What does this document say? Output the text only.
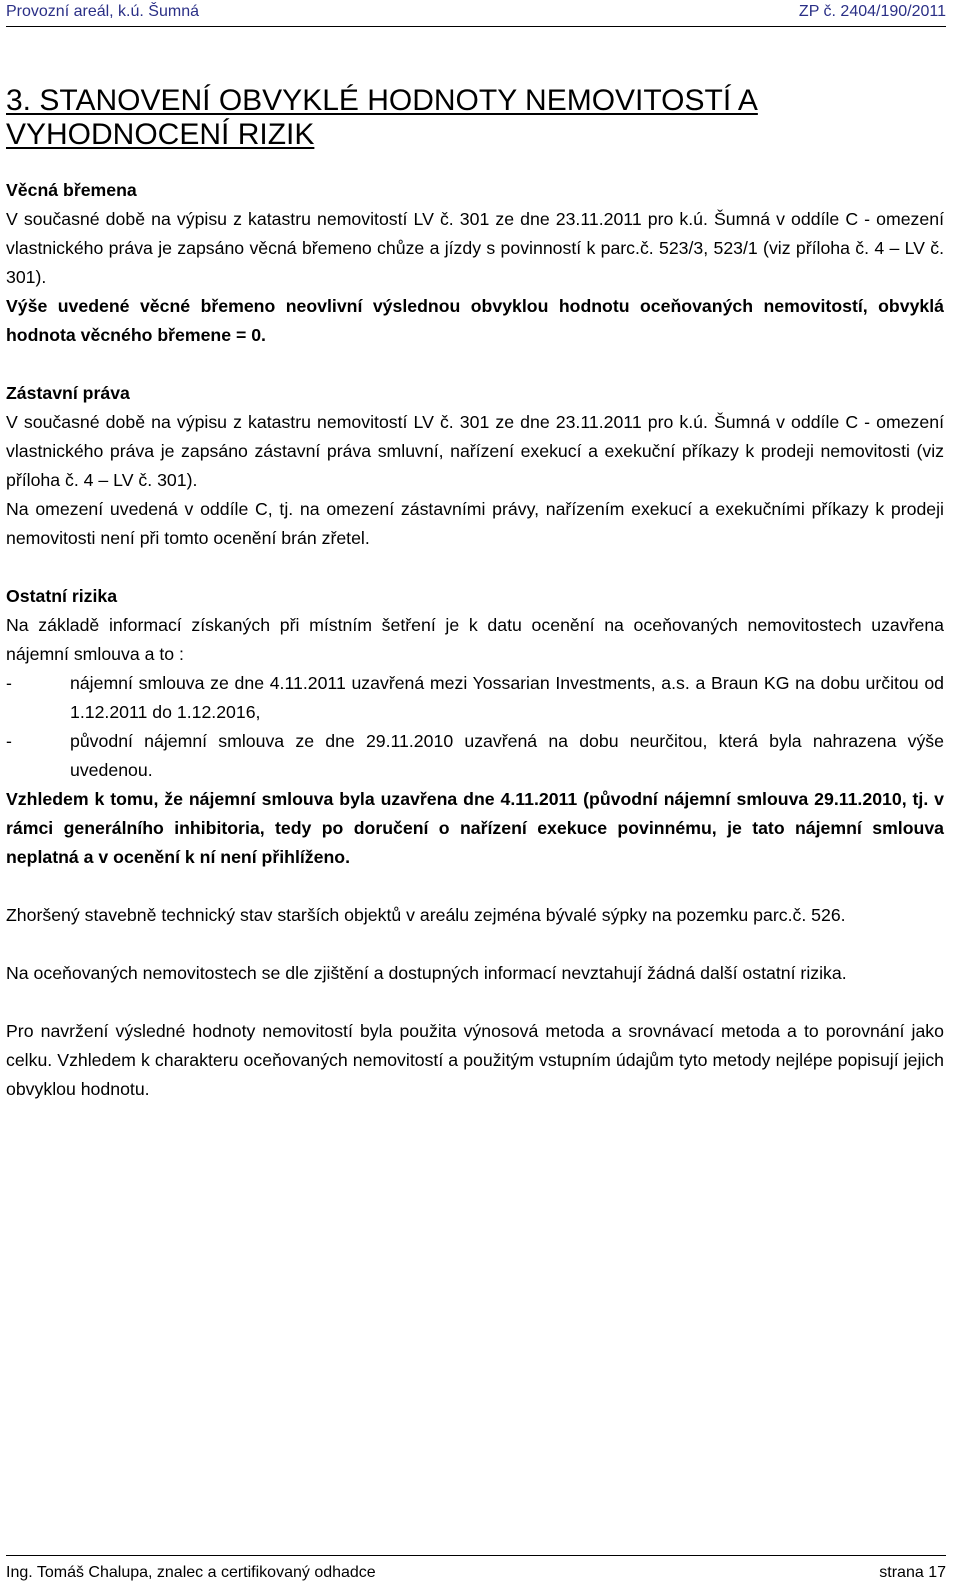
Provozní areál, k.ú. Šumná	ZP č. 2404/190/2011
3. STANOVENÍ OBVYKLÉ HODNOTY NEMOVITOSTÍ A VYHODNOCENÍ RIZIK

Věcná břemena

V současné době na výpisu z katastru nemovitostí LV č. 301 ze dne 23.11.2011 pro k.ú. Šumná v oddíle C - omezení vlastnického práva je zapsáno věcná břemeno chůze a jízdy s povinností k parc.č. 523/3, 523/1 (viz příloha č. 4 – LV č. 301).

Výše uvedené věcné břemeno neovlivní výslednou obvyklou hodnotu oceňovaných nemovitostí, obvyklá hodnota věcného břemene = 0.

Zástavní práva

V současné době na výpisu z katastru nemovitostí LV č. 301 ze dne 23.11.2011 pro k.ú. Šumná v oddíle C - omezení vlastnického práva je zapsáno zástavní práva smluvní, nařízení exekucí a exekuční příkazy k prodeji nemovitosti (viz příloha č. 4 – LV č. 301).

Na omezení uvedená v oddíle C, tj. na omezení zástavními právy, nařízením exekucí a exekučními příkazy k prodeji nemovitosti není při tomto ocenění brán zřetel.

Ostatní rizika

Na základě informací získaných při místním šetření je k datu ocenění na oceňovaných nemovitostech uzavřena nájemní smlouva a to :

-	nájemní smlouva ze dne 4.11.2011 uzavřená mezi Yossarian Investments, a.s. a Braun KG na dobu určitou od 1.12.2011 do 1.12.2016,
-	původní nájemní smlouva ze dne 29.11.2010 uzavřená na dobu neurčitou, která byla nahrazena výše uvedenou.

Vzhledem k tomu, že nájemní smlouva byla uzavřena dne 4.11.2011 (původní nájemní smlouva 29.11.2010, tj. v rámci generálního inhibitoria, tedy po doručení o nařízení exekuce povinnému, je tato nájemní smlouva neplatná a v ocenění k ní není přihlíženo.

Zhoršený stavebně technický stav starších objektů v areálu zejména bývalé sýpky na pozemku parc.č. 526.

Na oceňovaných nemovitostech se dle zjištění a dostupných informací nevztahují žádná další ostatní rizika.

Pro navržení výsledné hodnoty nemovitostí byla použita výnosová metoda a srovnávací metoda a to porovnání jako celku. Vzhledem k charakteru oceňovaných nemovitostí a použitým vstupním údajům tyto metody nejlépe popisují jejich obvyklou hodnotu.

Ing. Tomáš Chalupa, znalec a certifikovaný odhadce	strana 17
